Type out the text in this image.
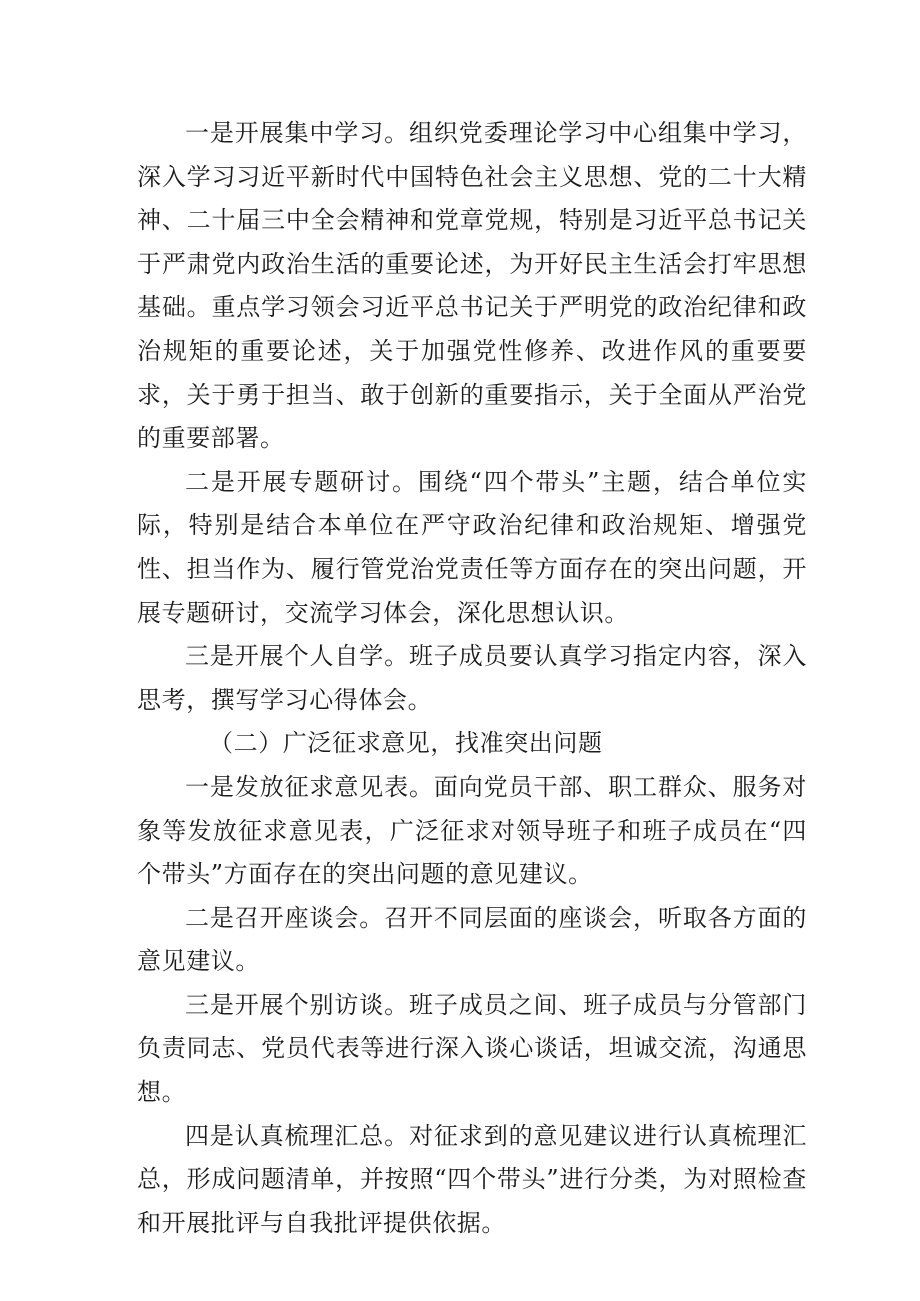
一是开展集中学习。组织党委理论学习中心组集中学习，深入学习习近平新时代中国特色社会主义思想、党的二十大精神、二十届三中全会精神和党章党规，特别是习近平总书记关于严肃党内政治生活的重要论述，为开好民主生活会打牢思想基础。重点学习领会习近平总书记关于严明党的政治纪律和政治规矩的重要论述，关于加强党性修养、改进作风的重要要求，关于勇于担当、敢于创新的重要指示，关于全面从严治党的重要部署。

二是开展专题研讨。围绕“四个带头”主题，结合单位实际，特别是结合本单位在严守政治纪律和政治规矩、增强党性、担当作为、履行管党治党责任等方面存在的突出问题，开展专题研讨，交流学习体会，深化思想认识。

三是开展个人自学。班子成员要认真学习指定内容，深入思考，撰写学习心得体会。

（二）广泛征求意见，找准突出问题

一是发放征求意见表。面向党员干部、职工群众、服务对象等发放征求意见表，广泛征求对领导班子和班子成员在“四个带头”方面存在的突出问题的意见建议。

二是召开座谈会。召开不同层面的座谈会，听取各方面的意见建议。

三是开展个别访谈。班子成员之间、班子成员与分管部门负责同志、党员代表等进行深入谈心谈话，坦诚交流，沟通思想。

四是认真梳理汇总。对征求到的意见建议进行认真梳理汇总，形成问题清单，并按照“四个带头”进行分类，为对照检查和开展批评与自我批评提供依据。
